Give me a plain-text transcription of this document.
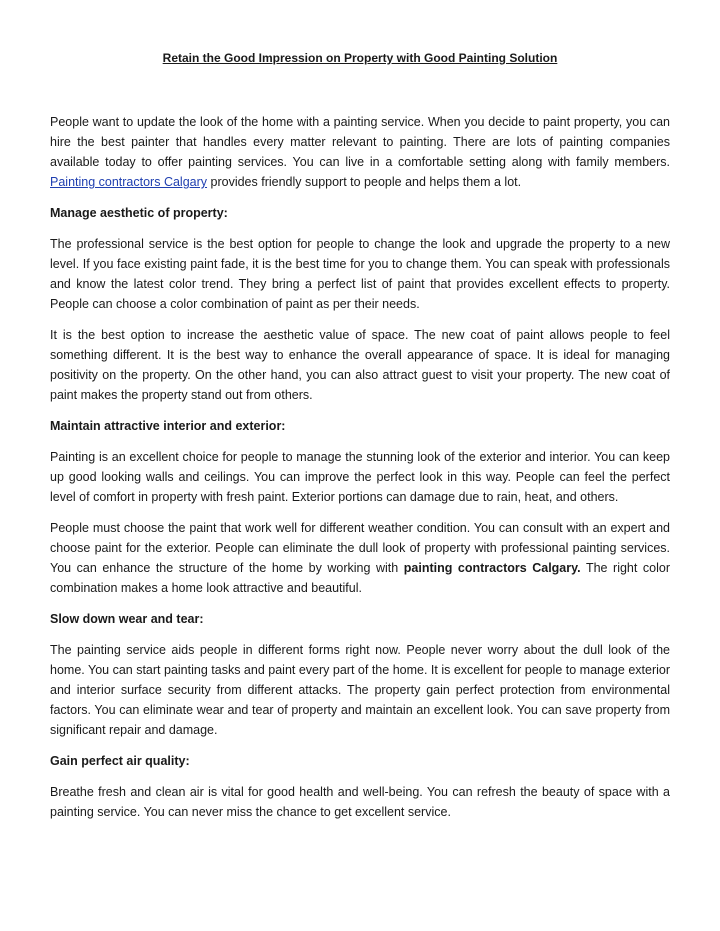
Retain the Good Impression on Property with Good Painting Solution

People want to update the look of the home with a painting service. When you decide to paint property, you can hire the best painter that handles every matter relevant to painting. There are lots of painting companies available today to offer painting services. You can live in a comfortable setting along with family members. Painting contractors Calgary provides friendly support to people and helps them a lot.

Manage aesthetic of property:

The professional service is the best option for people to change the look and upgrade the property to a new level. If you face existing paint fade, it is the best time for you to change them. You can speak with professionals and know the latest color trend. They bring a perfect list of paint that provides excellent effects to property. People can choose a color combination of paint as per their needs.

It is the best option to increase the aesthetic value of space. The new coat of paint allows people to feel something different. It is the best way to enhance the overall appearance of space. It is ideal for managing positivity on the property. On the other hand, you can also attract guest to visit your property. The new coat of paint makes the property stand out from others.

Maintain attractive interior and exterior:

Painting is an excellent choice for people to manage the stunning look of the exterior and interior. You can keep up good looking walls and ceilings. You can improve the perfect look in this way. People can feel the perfect level of comfort in property with fresh paint. Exterior portions can damage due to rain, heat, and others.

People must choose the paint that work well for different weather condition. You can consult with an expert and choose paint for the exterior. People can eliminate the dull look of property with professional painting services. You can enhance the structure of the home by working with painting contractors Calgary. The right color combination makes a home look attractive and beautiful.

Slow down wear and tear:

The painting service aids people in different forms right now. People never worry about the dull look of the home. You can start painting tasks and paint every part of the home. It is excellent for people to manage exterior and interior surface security from different attacks. The property gain perfect protection from environmental factors. You can eliminate wear and tear of property and maintain an excellent look. You can save property from significant repair and damage.

Gain perfect air quality:

Breathe fresh and clean air is vital for good health and well-being. You can refresh the beauty of space with a painting service. You can never miss the chance to get excellent service.
